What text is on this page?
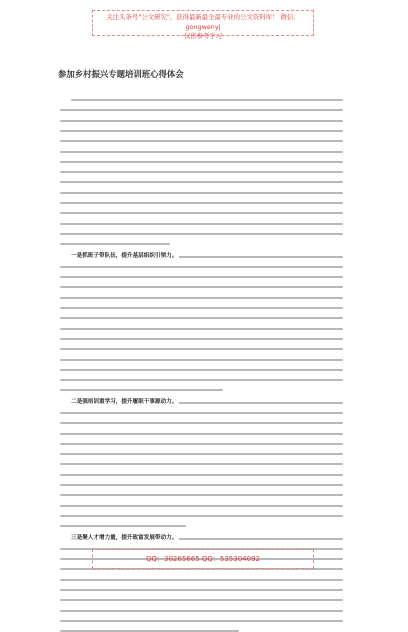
关注头条号"公文研究"，获得最新最全最专业的公文资料库！ 微信：gongwenyj
仅供参考学习
参加乡村振兴专题培训班心得体会
一是抓班子带队伍，提升基层组织引领力。
二是强培训重学习，提升履职干事源动力。
三是聚人才增力量，提升致富发展带动力。
QQ：30265665 QQ：535304092
